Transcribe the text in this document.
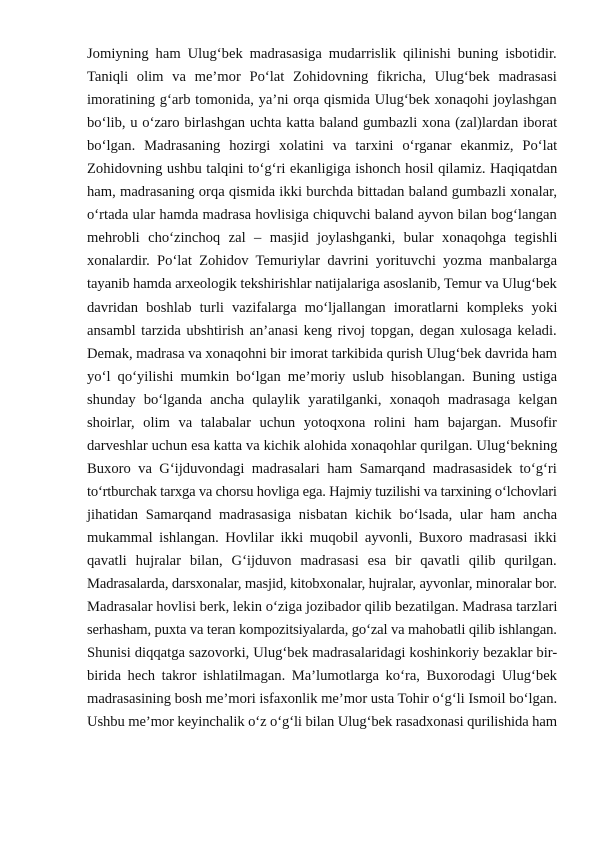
Jomiyning ham Ulug‘bek madrasasiga mudarrislik qilinishi buning isbotidir.
Taniqli olim va me’mor Po‘lat Zohidovning fikricha, Ulug‘bek madrasasi
imoratining g‘arb tomonida, ya’ni orqa qismida Ulug‘bek xonaqohi joylashgan
bo‘lib, u o‘zaro birlashgan uchta katta baland gumbazli xona (zal)lardan iborat
bo‘lgan. Madrasaning hozirgi xolatini va tarxini o‘rganar ekanmiz, Po‘lat
Zohidovning ushbu talqini to‘g‘ri ekanligiga ishonch hosil qilamiz. Haqiqatdan
ham, madrasaning orqa qismida ikki burchda bittadan baland gumbazli xonalar,
o‘rtada ular hamda madrasa hovlisiga chiquvchi baland ayvon bilan bog‘langan
mehrobli cho‘zinchoq zal – masjid joylashganki, bular xonaqohga tegishli
xonalardir. Po‘lat Zohidov Temuriylar davrini yorituvchi yozma manbalarga
tayanib hamda arxeologik tekshirishlar natijalariga asoslanib, Temur va Ulug‘bek
davridan boshlab turli vazifalarga mo‘ljallangan imoratlarni kompleks yoki
ansambl tarzida ubshtirish an’anasi keng rivoj topgan, degan xulosaga keladi.
Demak, madrasa va xonaqohni bir imorat tarkibida qurish Ulug‘bek davrida ham
yo‘l qo‘yilishi mumkin bo‘lgan me’moriy uslub hisoblangan. Buning ustiga
shunday bo‘lganda ancha qulaylik yaratilganki, xonaqoh madrasaga kelgan
shoirlar, olim va talabalar uchun yotoqxona rolini ham bajargan. Musofir
darveshlar uchun esa katta va kichik alohida xonaqohlar qurilgan. Ulug‘bekning
Buxoro va G‘ijduvondagi madrasalari ham Samarqand madrasasidek to‘g‘ri
to‘rtburchak tarxga va chorsu hovliga ega. Hajmiy tuzilishi va tarxining o‘lchovlari
jihatidan Samarqand madrasasiga nisbatan kichik bo‘lsada, ular ham ancha
mukammal ishlangan. Hovlilar ikki muqobil ayvonli, Buxoro madrasasi ikki
qavatli hujralar bilan, G‘ijduvon madrasasi esa bir qavatli qilib qurilgan.
Madrasalarda, darsxonalar, masjid, kitobxonalar, hujralar, ayvonlar, minoralar bor.
Madrasalar hovlisi berk, lekin o‘ziga jozibador qilib bezatilgan. Madrasa tarzlari
serhasham, puxta va teran kompozitsiyalarda, go‘zal va mahobatli qilib ishlangan.
Shunisi diqqatga sazovorki, Ulug‘bek madrasalaridagi koshinkoriy bezaklar bir-
birida hech takror ishlatilmagan. Ma’lumotlarga ko‘ra, Buxorodagi Ulug‘bek
madrasasining bosh me’mori isfaxonlik me’mor usta Tohir o‘g‘li Ismoil bo‘lgan.
Ushbu me’mor keyinchalik o‘z o‘g‘li bilan Ulug‘bek rasadxonasi qurilishida ham
